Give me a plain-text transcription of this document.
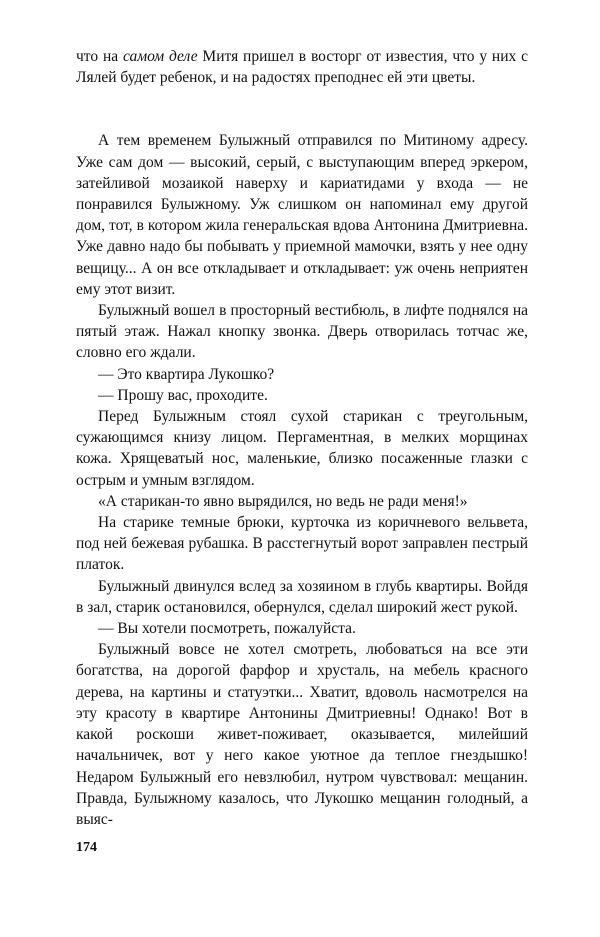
что на самом деле Митя пришел в восторг от известия, что у них с Лялей будет ребенок, и на радостях преподнес ей эти цветы.

А тем временем Булыжный отправился по Митиному адресу. Уже сам дом — высокий, серый, с выступающим вперед эркером, затейливой мозаикой наверху и кариатидами у входа — не понравился Булыжному. Уж слишком он напоминал ему другой дом, тот, в котором жила генеральская вдова Антонина Дмитриевна. Уже давно надо бы побывать у приемной мамочки, взять у нее одну вещицу... А он все откладывает и откладывает: уж очень неприятен ему этот визит.

Булыжный вошел в просторный вестибюль, в лифте поднялся на пятый этаж. Нажал кнопку звонка. Дверь отворилась тотчас же, словно его ждали.

— Это квартира Лукошко?

— Прошу вас, проходите.

Перед Булыжным стоял сухой старикан с треугольным, сужающимся книзу лицом. Пергаментная, в мелких морщинах кожа. Хрящеватый нос, маленькие, близко посаженные глазки с острым и умным взглядом.

«А старикан-то явно вырядился, но ведь не ради меня!»

На старике темные брюки, курточка из коричневого вельвета, под ней бежевая рубашка. В расстегнутый ворот заправлен пестрый платок.

Булыжный двинулся вслед за хозяином в глубь квартиры. Войдя в зал, старик остановился, обернулся, сделал широкий жест рукой.

— Вы хотели посмотреть, пожалуйста.

Булыжный вовсе не хотел смотреть, любоваться на все эти богатства, на дорогой фарфор и хрусталь, на мебель красного дерева, на картины и статуэтки... Хватит, вдоволь насмотрелся на эту красоту в квартире Антонины Дмитриевны! Однако! Вот в какой роскоши живет-поживает, оказывается, милейший начальничек, вот у него какое уютное да теплое гнездышко! Недаром Булыжный его невзлюбил, нутром чувствовал: мещанин. Правда, Булыжному казалось, что Лукошко мещанин голодный, а выяс-

174
